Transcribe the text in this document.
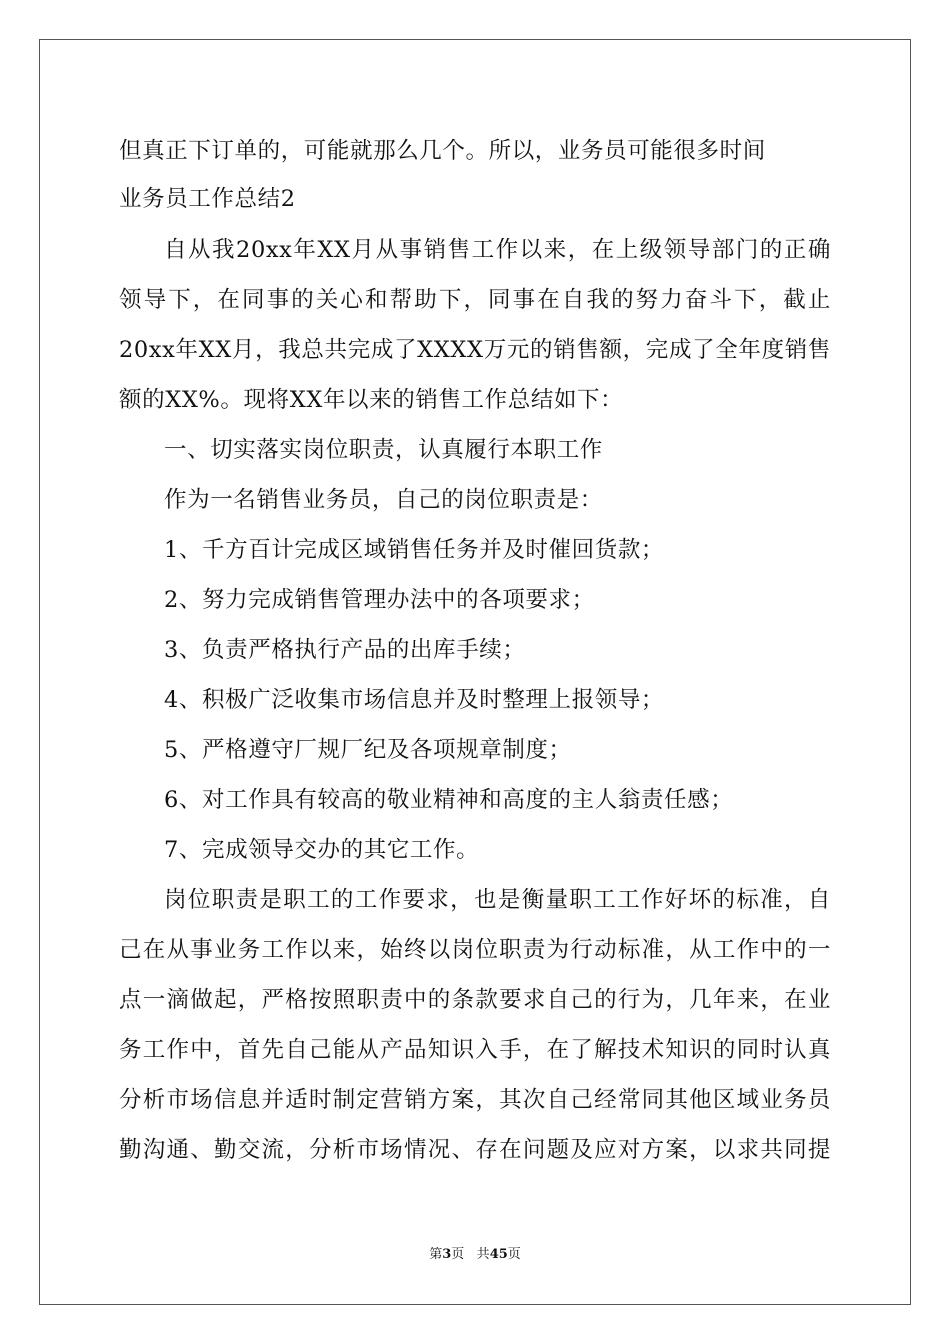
但真正下订单的，可能就那么几个。所以，业务员可能很多时间
业务员工作总结2
自从我20xx年XX月从事销售工作以来，在上级领导部门的正确
领导下，在同事的关心和帮助下，同事在自我的努力奋斗下，截止
20xx年XX月，我总共完成了XXXX万元的销售额，完成了全年度销售
额的XX%。现将XX年以来的销售工作总结如下：
一、切实落实岗位职责，认真履行本职工作
作为一名销售业务员，自己的岗位职责是：
1、千方百计完成区域销售任务并及时催回货款；
2、努力完成销售管理办法中的各项要求；
3、负责严格执行产品的出库手续；
4、积极广泛收集市场信息并及时整理上报领导；
5、严格遵守厂规厂纪及各项规章制度；
6、对工作具有较高的敬业精神和高度的主人翁责任感；
7、完成领导交办的其它工作。
岗位职责是职工的工作要求，也是衡量职工工作好坏的标准，自
己在从事业务工作以来，始终以岗位职责为行动标准，从工作中的一
点一滴做起，严格按照职责中的条款要求自己的行为，几年来，在业
务工作中，首先自己能从产品知识入手，在了解技术知识的同时认真
分析市场信息并适时制定营销方案，其次自己经常同其他区域业务员
勤沟通、勤交流，分析市场情况、存在问题及应对方案，以求共同提
第3页 共45页
